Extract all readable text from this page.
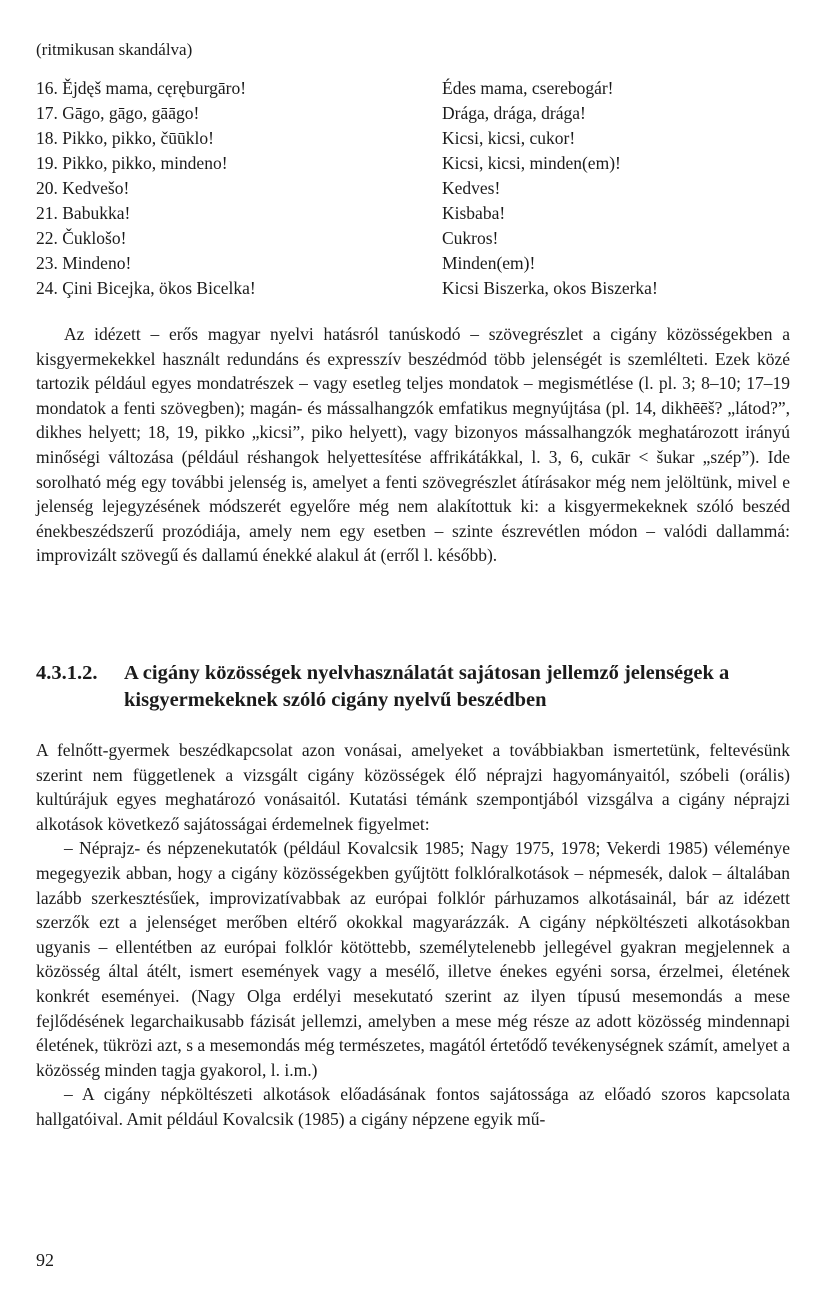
(ritmikusan skandálva)
16. Ějdęš mama, cęręburgāro!	Édes mama, cserebogár!
17. Gāgo, gāgo, gāāgo!	Drága, drága, drága!
18. Pikko, pikko, čūūklo!	Kicsi, kicsi, cukor!
19. Pikko, pikko, mindeno!	Kicsi, kicsi, minden(em)!
20. Kedvešo!	Kedves!
21. Babukka!	Kisbaba!
22. Čuklošo!	Cukros!
23. Mindeno!	Minden(em)!
24. Çini Bicejka, ökos Bicelka!	Kicsi Biszerka, okos Biszerka!

Az idézett – erős magyar nyelvi hatásról tanúskodó – szövegrészlet a cigány közösségekben a kisgyermekekkel használt redundáns és expresszív beszédmód több jelenségét is szemlélteti. Ezek közé tartozik például egyes mondatrészek – vagy esetleg teljes mondatok – megismétlése (l. pl. 3; 8–10; 17–19 mondatok a fenti szövegben); magán- és mássalhangzók emfatikus megnyújtása (pl. 14, dikhēēš? „látod?”, dikhes helyett; 18, 19, pikko „kicsi”, piko helyett), vagy bizonyos mássalhangzók meghatározott irányú minőségi változása (például réshangok helyettesítése affrikátákkal, l. 3, 6, cukār < šukar „szép”). Ide sorolható még egy további jelenség is, amelyet a fenti szövegrészlet átírásakor még nem jelöltünk, mivel e jelenség lejegyzésének módszerét egyelőre még nem alakítottuk ki: a kisgyermekeknek szóló beszéd énekbeszédszerű prozódiája, amely nem egy esetben – szinte észrevétlen módon – valódi dallammá: improvizált szövegű és dallamú énekké alakul át (erről l. később).

4.3.1.2. A cigány közösségek nyelvhasználatát sajátosan jellemző jelenségek a kisgyermekeknek szóló cigány nyelvű beszédben

A felnőtt-gyermek beszédkapcsolat azon vonásai, amelyeket a továbbiakban ismertetünk, feltevésünk szerint nem függetlenek a vizsgált cigány közösségek élő néprajzi hagyományaitól, szóbeli (orális) kultúrájuk egyes meghatározó vonásaitól. Kutatási témánk szempontjából vizsgálva a cigány néprajzi alkotások következő sajátosságai érdemelnek figyelmet:

– Néprajz- és népzenekutatók (például Kovalcsik 1985; Nagy 1975, 1978; Vekerdi 1985) véleménye megegyezik abban, hogy a cigány közösségekben gyűjtött folklóralkotások – népmesék, dalok – általában lazább szerkesztésűek, improvizatívabbak az európai folklór párhuzamos alkotásainál, bár az idézett szerzők ezt a jelenséget merőben eltérő okokkal magyarázzák. A cigány népköltészeti alkotásokban ugyanis – ellentétben az európai folklór kötöttebb, személytelenebb jellegével gyakran megjelennek a közösség által átélt, ismert események vagy a mesélő, illetve énekes egyéni sorsa, érzelmei, életének konkrét eseményei. (Nagy Olga erdélyi mesekutató szerint az ilyen típusú mesemondás a mese fejlődésének legarchaikusabb fázisát jellemzi, amelyben a mese még része az adott közösség mindennapi életének, tükrözi azt, s a mesemondás még természetes, magától értetődő tevékenységnek számít, amelyet a közösség minden tagja gyakorol, l. i.m.)

– A cigány népköltészeti alkotások előadásának fontos sajátossága az előadó szoros kapcsolata hallgatóival. Amit például Kovalcsik (1985) a cigány népzene egyik mű-

92
